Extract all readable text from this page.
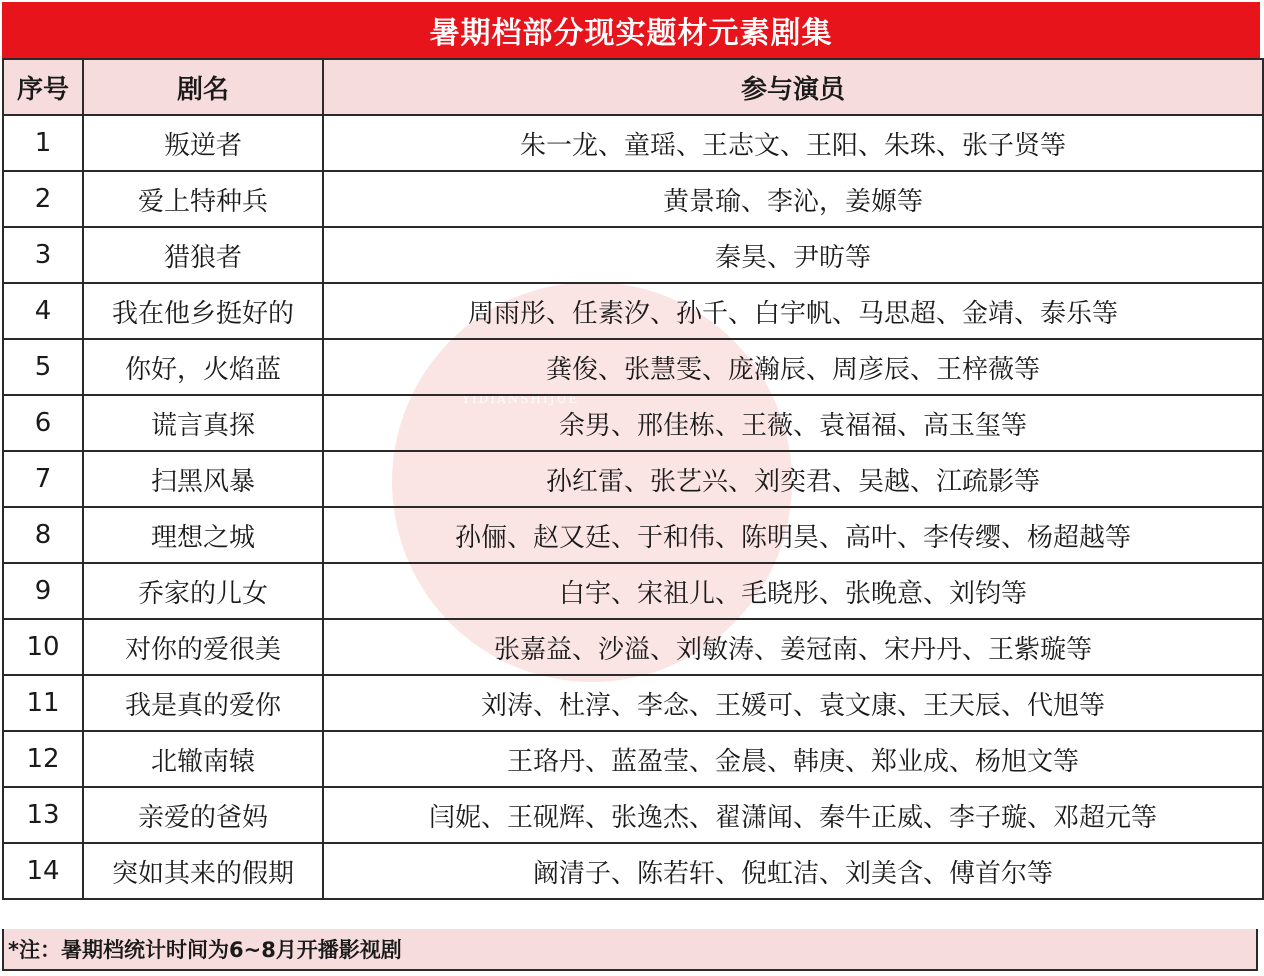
YIDIANSHIJUE
暑期档部分现实题材元素剧集
序号	剧名	参与演员
1	叛逆者	朱一龙、童瑶、王志文、王阳、朱珠、张子贤等
2	爱上特种兵	黄景瑜、李沁，姜嫄等
3	猎狼者	秦昊、尹昉等
4	我在他乡挺好的	周雨彤、任素汐、孙千、白宇帆、马思超、金靖、泰乐等
5	你好，火焰蓝	龚俊、张慧雯、庞瀚辰、周彦辰、王梓薇等
6	谎言真探	余男、邢佳栋、王薇、袁福福、高玉玺等
7	扫黑风暴	孙红雷、张艺兴、刘奕君、吴越、江疏影等
8	理想之城	孙俪、赵又廷、于和伟、陈明昊、高叶、李传缨、杨超越等
9	乔家的儿女	白宇、宋祖儿、毛晓彤、张晚意、刘钧等
10	对你的爱很美	张嘉益、沙溢、刘敏涛、姜冠南、宋丹丹、王紫璇等
11	我是真的爱你	刘涛、杜淳、李念、王媛可、袁文康、王天辰、代旭等
12	北辙南辕	王珞丹、蓝盈莹、金晨、韩庚、郑业成、杨旭文等
13	亲爱的爸妈	闫妮、王砚辉、张逸杰、翟潇闻、秦牛正威、李子璇、邓超元等
14	突如其来的假期	阚清子、陈若轩、倪虹洁、刘美含、傅首尔等
*注：暑期档统计时间为6~8月开播影视剧
